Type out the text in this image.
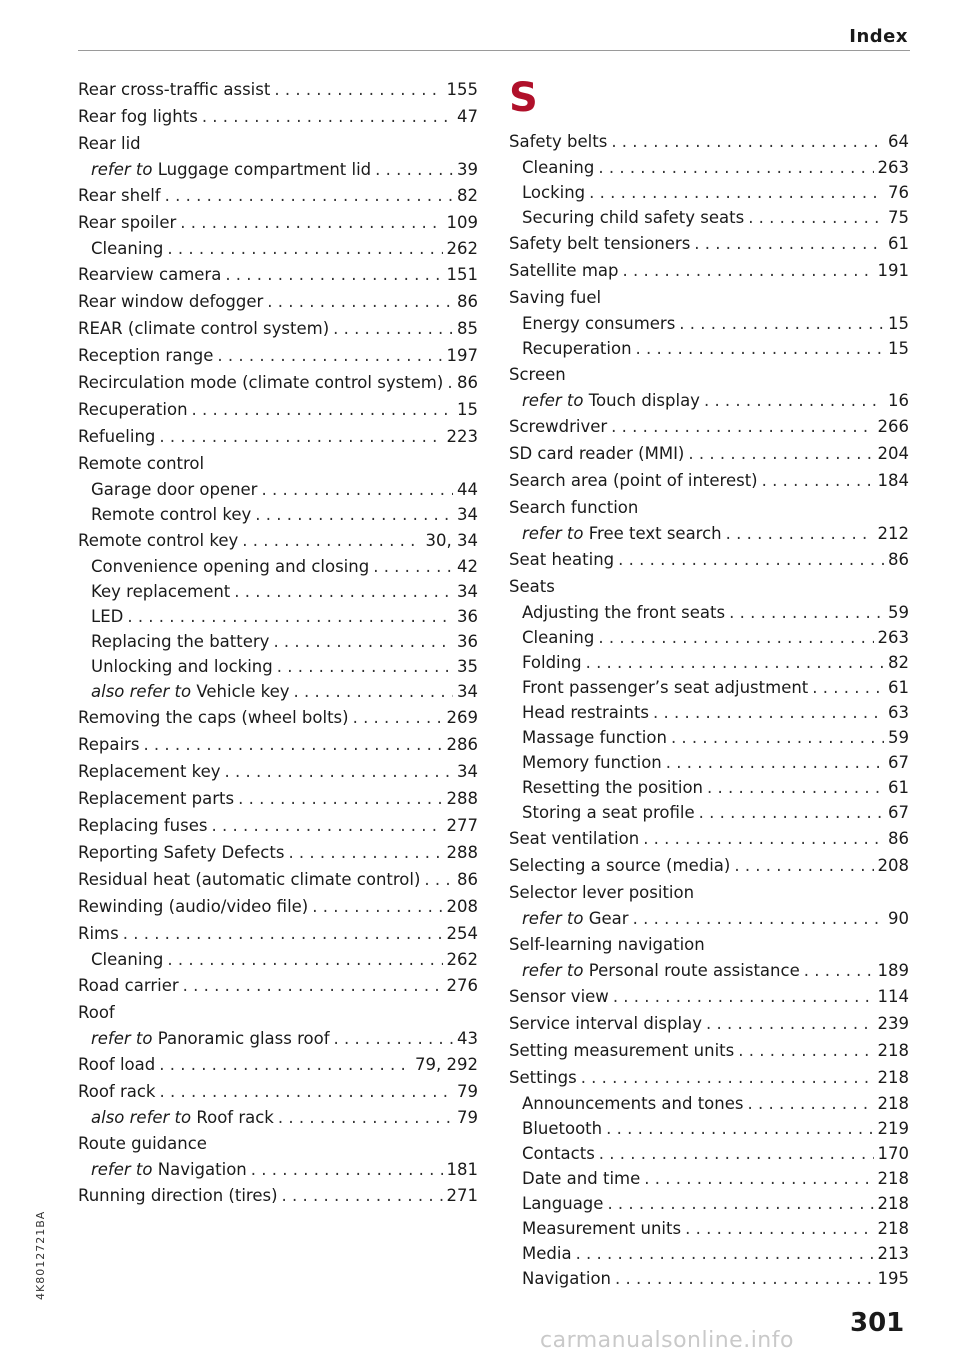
Index
Rear cross-traffic assist . . .	155
Rear fog lights . . .	47
Rear lid
refer to Luggage compartment lid . . .	39
Rear shelf . . .	82
Rear spoiler . . .	109
Cleaning . . .	262
Rearview camera . . .	151
Rear window defogger . . .	86
REAR (climate control system) . . .	85
Reception range . . .	197
Recirculation mode (climate control system) . . . 86
Recuperation . . .	15
Refueling . . .	223
Remote control
Garage door opener . . .	44
Remote control key . . .	34
Remote control key . . .	30, 34
Convenience opening and closing . . .	42
Key replacement . . .	34
LED . . .	36
Replacing the battery . . .	36
Unlocking and locking . . .	35
also refer to Vehicle key . . .	34
Removing the caps (wheel bolts) . . .	269
Repairs . . .	286
Replacement key . . .	34
Replacement parts . . .	288
Replacing fuses . . .	277
Reporting Safety Defects . . .	288
Residual heat (automatic climate control) . . . 86
Rewinding (audio/video file) . . .	208
Rims . . .	254
Cleaning . . .	262
Road carrier . . .	276
Roof
refer to Panoramic glass roof . . .	43
Roof load . . .	79, 292
Roof rack . . .	79
also refer to Roof rack . . .	79
Route guidance
refer to Navigation . . .	181
Running direction (tires) . . .	271
S
Safety belts . . .	64
Cleaning . . .	263
Locking . . .	76
Securing child safety seats . . .	75
Safety belt tensioners . . .	61
Satellite map . . .	191
Saving fuel
Energy consumers . . .	15
Recuperation . . .	15
Screen
refer to Touch display . . .	16
Screwdriver . . .	266
SD card reader (MMI) . . .	204
Search area (point of interest) . . .	184
Search function
refer to Free text search . . .	212
Seat heating . . .	86
Seats
Adjusting the front seats . . .	59
Cleaning . . .	263
Folding . . .	82
Front passenger’s seat adjustment . . .	61
Head restraints . . .	63
Massage function . . .	59
Memory function . . .	67
Resetting the position . . .	61
Storing a seat profile . . .	67
Seat ventilation . . .	86
Selecting a source (media) . . .	208
Selector lever position
refer to Gear . . .	90
Self-learning navigation
refer to Personal route assistance . . .	189
Sensor view . . .	114
Service interval display . . .	239
Setting measurement units . . .	218
Settings . . .	218
Announcements and tones . . .	218
Bluetooth . . .	219
Contacts . . .	170
Date and time . . .	218
Language . . .	218
Measurement units . . .	218
Media . . .	213
Navigation . . .	195
4K8012721BA
301
carmanualsonline.info
